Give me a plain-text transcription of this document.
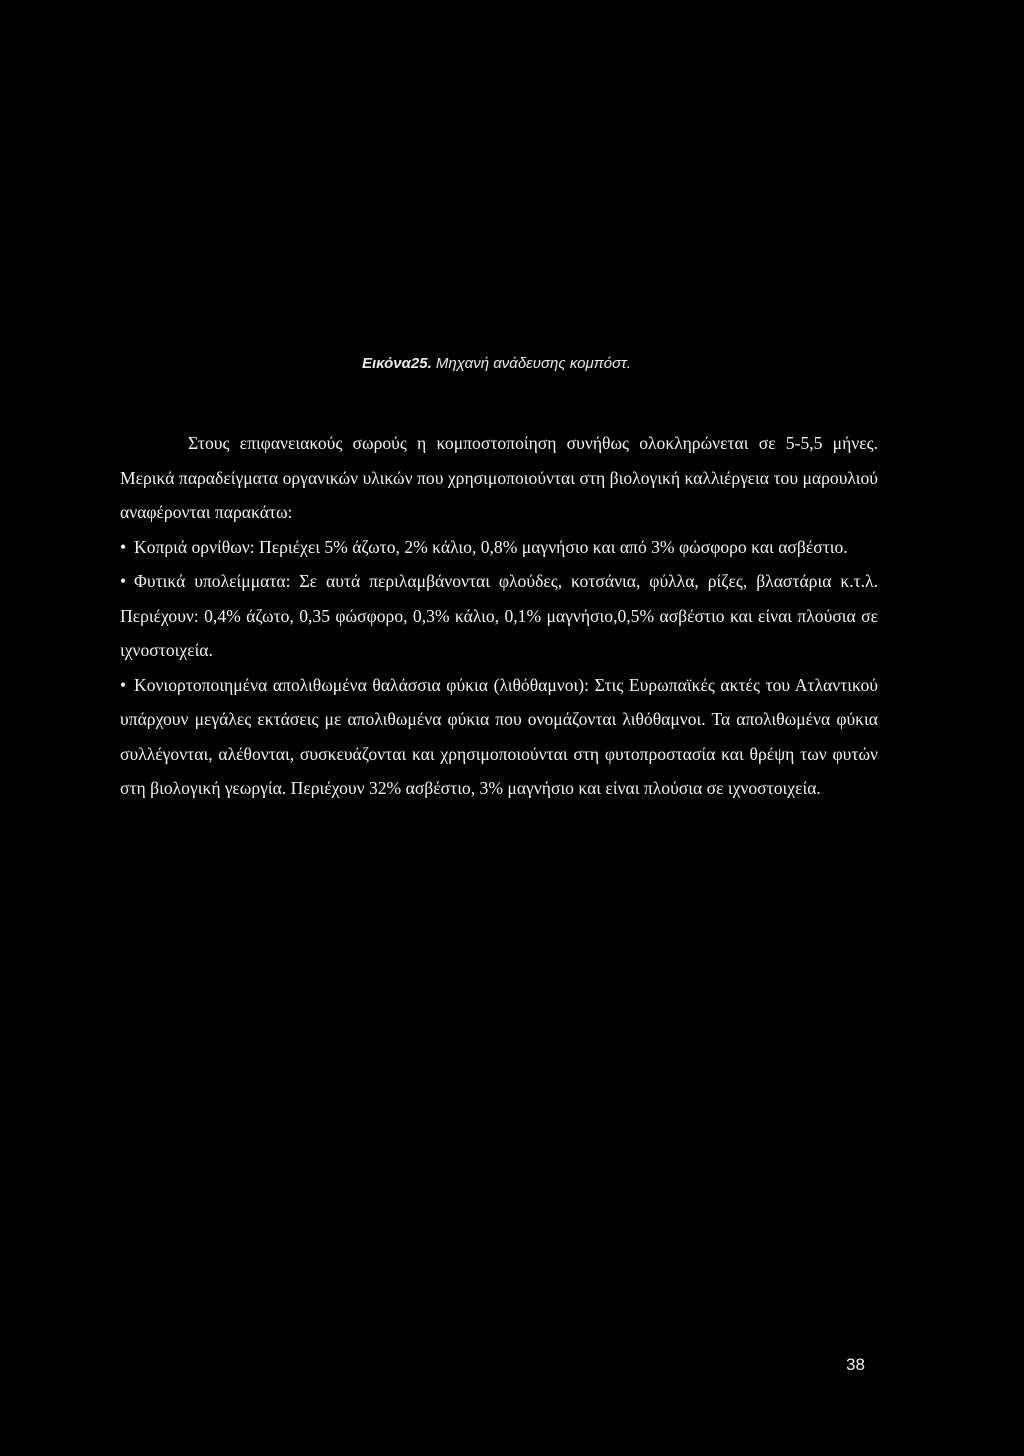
Εικόνα25. Μηχανή ανάδευσης κομπόστ.

Στους επιφανειακούς σωρούς η κομποστοποίηση συνήθως ολοκληρώνεται σε 5-5,5 μήνες. Μερικά παραδείγματα οργανικών υλικών που χρησιμοποιούνται στη βιολογική καλλιέργεια του μαρουλιού αναφέρονται παρακάτω:

• Κοπριά ορνίθων: Περιέχει 5% άζωτο, 2% κάλιο, 0,8% μαγνήσιο και από 3% φώσφορο και ασβέστιο.

• Φυτικά υπολείμματα: Σε αυτά περιλαμβάνονται φλούδες, κοτσάνια, φύλλα, ρίζες, βλαστάρια κ.τ.λ. Περιέχουν: 0,4% άζωτο, 0,35 φώσφορο, 0,3% κάλιο, 0,1% μαγνήσιο,0,5% ασβέστιο και είναι πλούσια σε ιχνοστοιχεία.

• Κονιορτοποιημένα απολιθωμένα θαλάσσια φύκια (λιθόθαμνοι): Στις Ευρωπαϊκές ακτές του Ατλαντικού υπάρχουν μεγάλες εκτάσεις με απολιθωμένα φύκια που ονομάζονται λιθόθαμνοι. Τα απολιθωμένα φύκια συλλέγονται, αλέθονται, συσκευάζονται και χρησιμοποιούνται στη φυτοπροστασία και θρέψη των φυτών στη βιολογική γεωργία. Περιέχουν 32% ασβέστιο, 3% μαγνήσιο και είναι πλούσια σε ιχνοστοιχεία.

38
